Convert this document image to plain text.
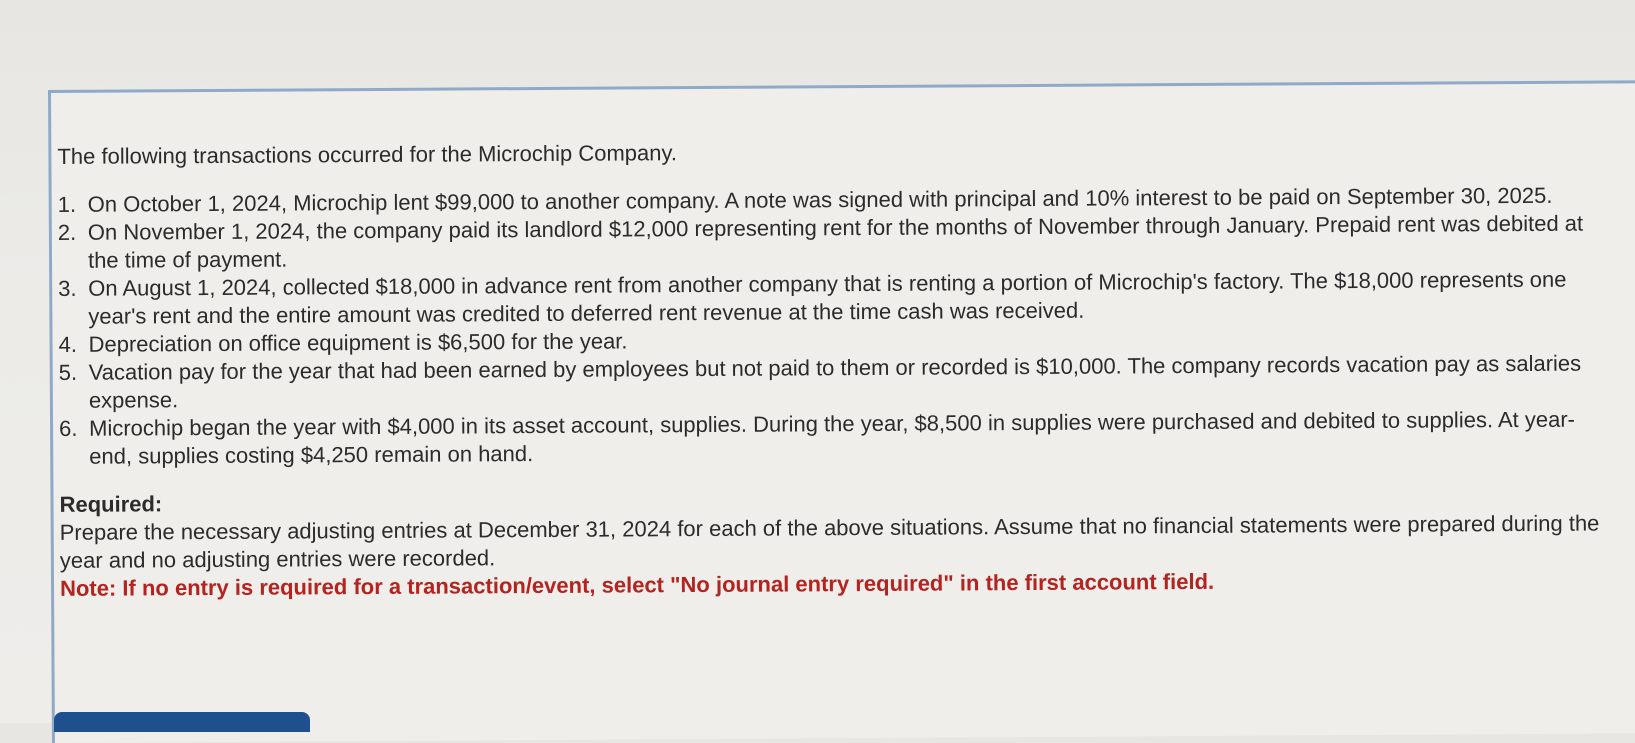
The following transactions occurred for the Microchip Company.

1. On October 1, 2024, Microchip lent $99,000 to another company. A note was signed with principal and 10% interest to be paid on September 30, 2025.
2. On November 1, 2024, the company paid its landlord $12,000 representing rent for the months of November through January. Prepaid rent was debited at the time of payment.
3. On August 1, 2024, collected $18,000 in advance rent from another company that is renting a portion of Microchip's factory. The $18,000 represents one year's rent and the entire amount was credited to deferred rent revenue at the time cash was received.
4. Depreciation on office equipment is $6,500 for the year.
5. Vacation pay for the year that had been earned by employees but not paid to them or recorded is $10,000. The company records vacation pay as salaries expense.
6. Microchip began the year with $4,000 in its asset account, supplies. During the year, $8,500 in supplies were purchased and debited to supplies. At year-end, supplies costing $4,250 remain on hand.

Required:

Prepare the necessary adjusting entries at December 31, 2024 for each of the above situations. Assume that no financial statements were prepared during the year and no adjusting entries were recorded.

Note: If no entry is required for a transaction/event, select "No journal entry required" in the first account field.
